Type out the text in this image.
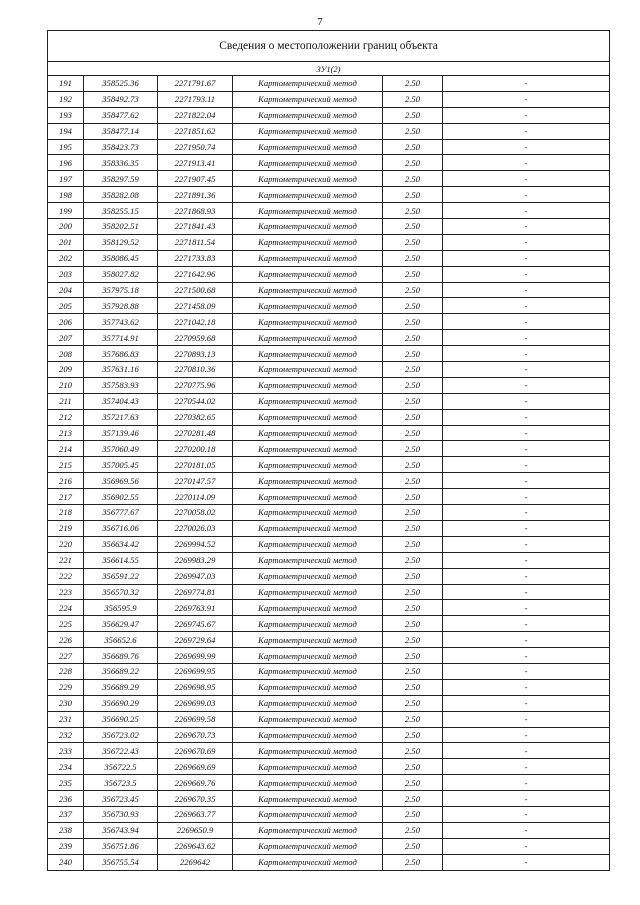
7
Сведения о местоположении границ объекта					
ЗУ1(2)					
191	358525.36	2271791.67	Картометрический метод	2.50	-
192	358492.73	2271793.11	Картометрический метод	2.50	-
193	358477.62	2271822.04	Картометрический метод	2.50	-
194	358477.14	2271851.62	Картометрический метод	2.50	-
195	358423.73	2271950.74	Картометрический метод	2.50	-
196	358336.35	2271913.41	Картометрический метод	2.50	-
197	358297.59	2271907.45	Картометрический метод	2.50	-
198	358282.08	2271891.36	Картометрический метод	2.50	-
199	358255.15	2271868.93	Картометрический метод	2.50	-
200	358202.51	2271841.43	Картометрический метод	2.50	-
201	358129.52	2271811.54	Картометрический метод	2.50	-
202	358086.45	2271733.83	Картометрический метод	2.50	-
203	358027.82	2271642.96	Картометрический метод	2.50	-
204	357975.18	2271500.68	Картометрический метод	2.50	-
205	357928.88	2271458.09	Картометрический метод	2.50	-
206	357743.62	2271042.18	Картометрический метод	2.50	-
207	357714.91	2270959.68	Картометрический метод	2.50	-
208	357686.83	2270893.13	Картометрический метод	2.50	-
209	357631.16	2270810.36	Картометрический метод	2.50	-
210	357583.93	2270775.96	Картометрический метод	2.50	-
211	357404.43	2270544.02	Картометрический метод	2.50	-
212	357217.63	2270382.65	Картометрический метод	2.50	-
213	357139.46	2270281.48	Картометрический метод	2.50	-
214	357060.49	2270200.18	Картометрический метод	2.50	-
215	357005.45	2270181.05	Картометрический метод	2.50	-
216	356969.56	2270147.57	Картометрический метод	2.50	-
217	356902.55	2270114.09	Картометрический метод	2.50	-
218	356777.67	2270058.02	Картометрический метод	2.50	-
219	356716.06	2270026.03	Картометрический метод	2.50	-
220	356634.42	2269994.52	Картометрический метод	2.50	-
221	356614.55	2269983.29	Картометрический метод	2.50	-
222	356591.22	2269947.03	Картометрический метод	2.50	-
223	356570.32	2269774.81	Картометрический метод	2.50	-
224	356595.9	2269763.91	Картометрический метод	2.50	-
225	356629.47	2269745.67	Картометрический метод	2.50	-
226	356652.6	2269729.64	Картометрический метод	2.50	-
227	356689.76	2269699.99	Картометрический метод	2.50	-
228	356689.22	2269699.95	Картометрический метод	2.50	-
229	356689.29	2269698.95	Картометрический метод	2.50	-
230	356690.29	2269699.03	Картометрический метод	2.50	-
231	356690.25	2269699.58	Картометрический метод	2.50	-
232	356723.02	2269670.73	Картометрический метод	2.50	-
233	356722.43	2269670.69	Картометрический метод	2.50	-
234	356722.5	2269669.69	Картометрический метод	2.50	-
235	356723.5	2269669.76	Картометрический метод	2.50	-
236	356723.45	2269670.35	Картометрический метод	2.50	-
237	356730.93	2269663.77	Картометрический метод	2.50	-
238	356743.94	2269650.9	Картометрический метод	2.50	-
239	356751.86	2269643.62	Картометрический метод	2.50	-
240	356755.54	2269642	Картометрический метод	2.50	-
